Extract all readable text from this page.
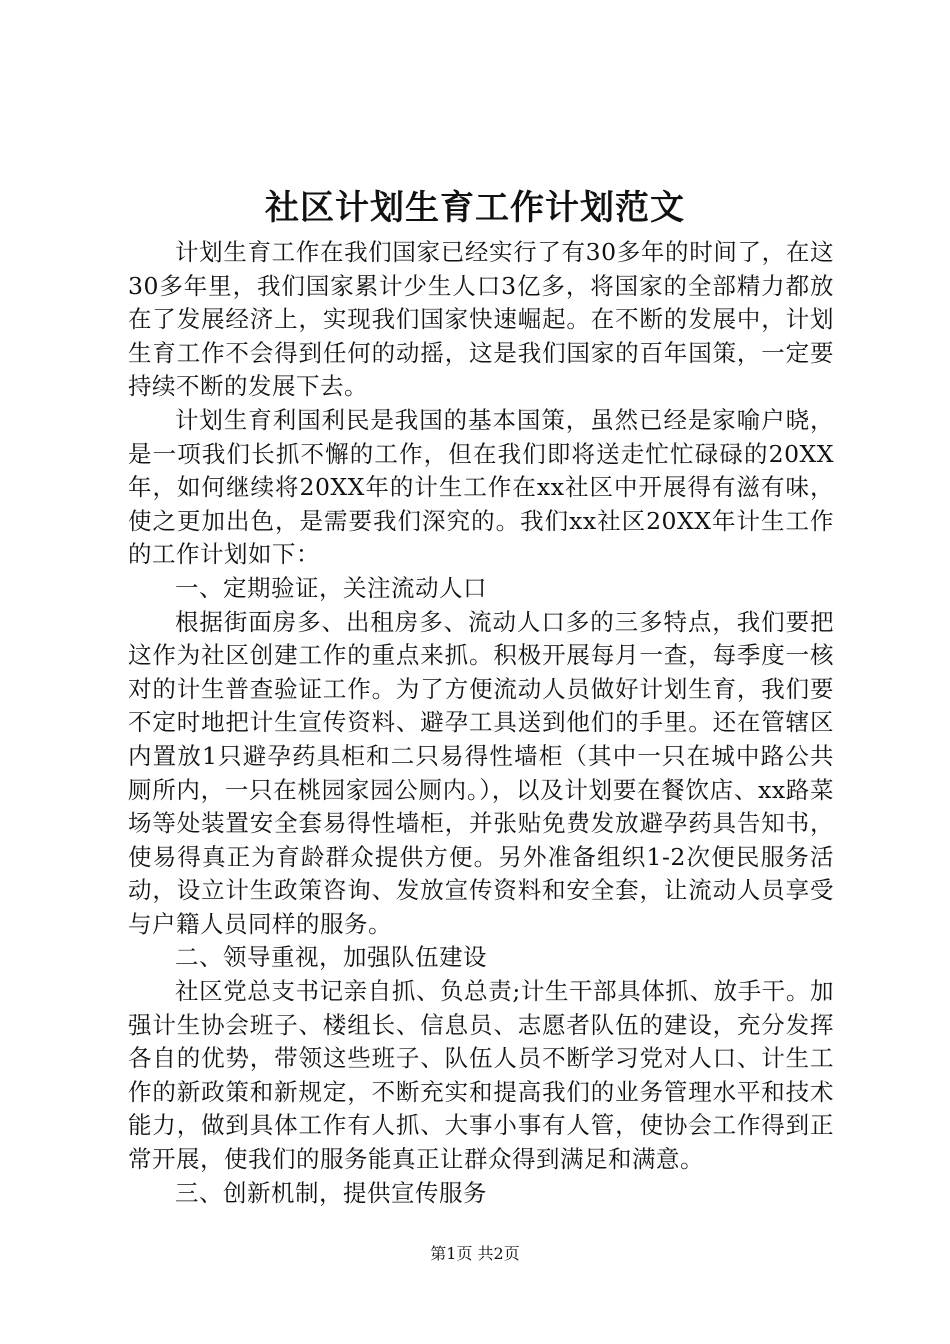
社区计划生育工作计划范文

计划生育工作在我们国家已经实行了有30多年的时间了，在这30多年里，我们国家累计少生人口3亿多，将国家的全部精力都放在了发展经济上，实现我们国家快速崛起。在不断的发展中，计划生育工作不会得到任何的动摇，这是我们国家的百年国策，一定要持续不断的发展下去。

计划生育利国利民是我国的基本国策，虽然已经是家喻户晓，是一项我们长抓不懈的工作，但在我们即将送走忙忙碌碌的20XX年，如何继续将20XX年的计生工作在xx社区中开展得有滋有味，使之更加出色，是需要我们深究的。我们xx社区20XX年计生工作的工作计划如下：

一、定期验证，关注流动人口

根据街面房多、出租房多、流动人口多的三多特点，我们要把这作为社区创建工作的重点来抓。积极开展每月一查，每季度一核对的计生普查验证工作。为了方便流动人员做好计划生育，我们要不定时地把计生宣传资料、避孕工具送到他们的手里。还在管辖区内置放1只避孕药具柜和二只易得性墙柜（其中一只在城中路公共厕所内，一只在桃园家园公厕内。），以及计划要在餐饮店、xx路菜场等处装置安全套易得性墙柜，并张贴免费发放避孕药具告知书，使易得真正为育龄群众提供方便。另外准备组织1-2次便民服务活动，设立计生政策咨询、发放宣传资料和安全套，让流动人员享受与户籍人员同样的服务。

二、领导重视，加强队伍建设

社区党总支书记亲自抓、负总责;计生干部具体抓、放手干。加强计生协会班子、楼组长、信息员、志愿者队伍的建设，充分发挥各自的优势，带领这些班子、队伍人员不断学习党对人口、计生工作的新政策和新规定，不断充实和提高我们的业务管理水平和技术能力，做到具体工作有人抓、大事小事有人管，使协会工作得到正常开展，使我们的服务能真正让群众得到满足和满意。

三、创新机制，提供宣传服务

第1页 共2页
